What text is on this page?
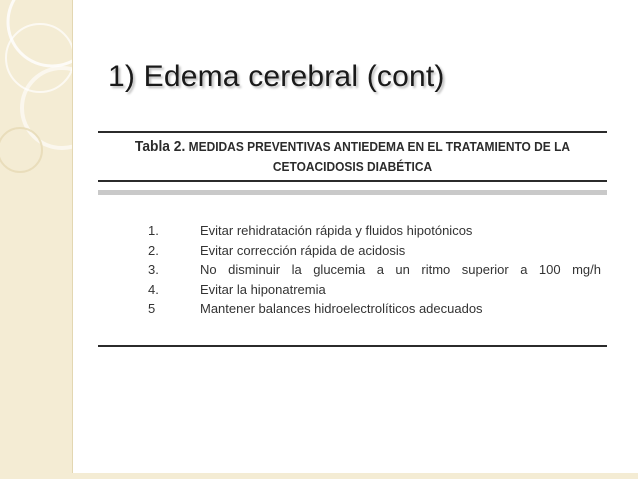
1) Edema cerebral (cont)
Tabla 2. MEDIDAS PREVENTIVAS ANTIEDEMA EN EL TRATAMIENTO DE LA
CETOACIDOSIS DIABÉTICA
1.	Evitar rehidratación rápida y fluidos hipotónicos
2.	Evitar corrección rápida de acidosis
3.	No disminuir la glucemia a un ritmo superior a 100 mg/h
4.	Evitar la hiponatremia
5	Mantener balances hidroelectrolíticos adecuados
